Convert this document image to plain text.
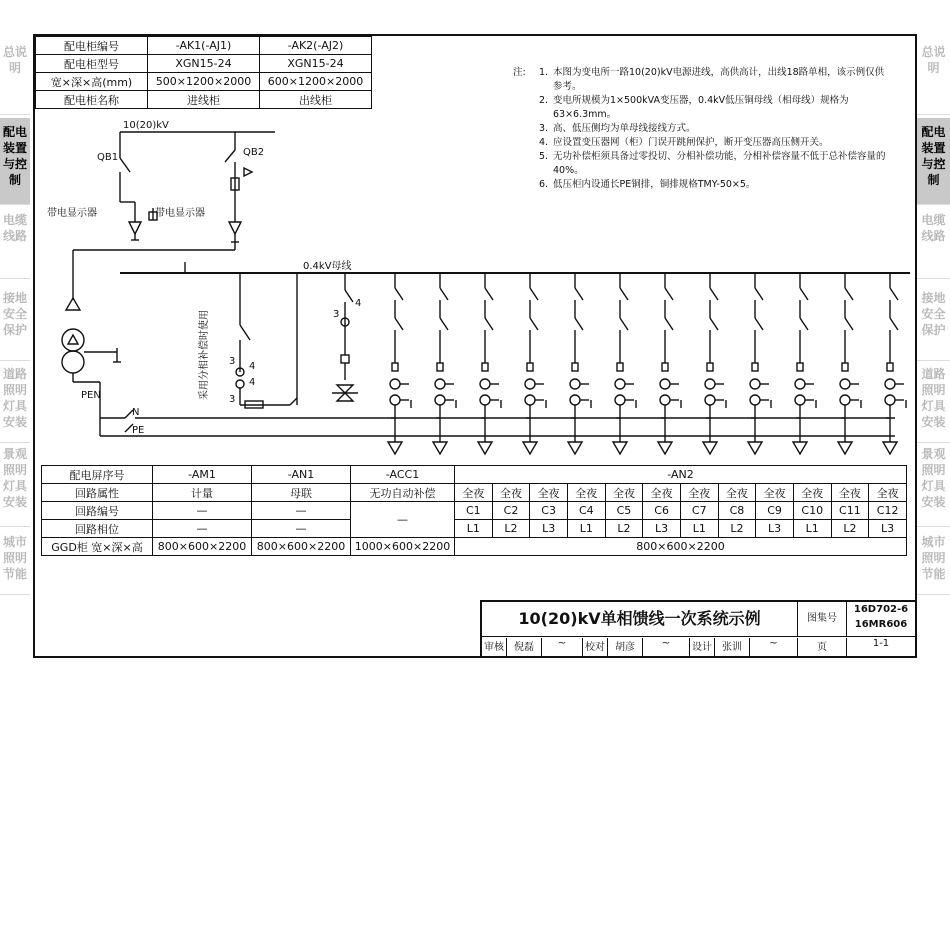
总说明
配电装置与控制
电缆线路
接地安全保护
道路照明灯具安装
景观照明灯具安装
城市照明节能
总说明
配电装置与控制
电缆线路
接地安全保护
道路照明灯具安装
景观照明灯具安装
城市照明节能
配电柜编号	-AK1(-AJ1)	-AK2(-AJ2)
配电柜型号	XGN15-24	XGN15-24
宽×深×高(mm)	500×1200×2000	600×1200×2000
配电柜名称	进线柜	出线柜
注: 1. 本图为变电所一路10(20)kV电源进线，高供高计，出线18路单相，该示例仅供参考。
2. 变电所规模为1×500kVA变压器，0.4kV低压铜母线（相母线）规格为63×6.3mm。
3. 高、低压侧均为单母线接线方式。
4. 应设置变压器网（柜）门误开跳闸保护，断开变压器高压侧开关。
5. 无功补偿柜须具备过零投切、分相补偿功能，分相补偿容量不低于总补偿容量的40%。
6. 低压柜内设通长PE铜排，铜排规格TMY-50×5。
10(20)kV
QB1	QB2
带电显示器	带电显示器
PEN
N
PE
0.4kV母线
采用分相补偿时使用 3 4
3
4
3
4
配电屏序号	-AM1	-AN1	-ACC1	-AN2											
回路属性	计量	母联	无功自动补偿	全夜	全夜	全夜	全夜	全夜	全夜	全夜	全夜	全夜	全夜	全夜	全夜
回路编号	—	—	—	C1	C2	C3	C4	C5	C6	C7	C8	C9	C10	C11	C12
回路相位	—	—		L1	L2	L3	L1	L2	L3	L1	L2	L3	L1	L2	L3
GGD柜 宽×深×高	800×600×2200	800×600×2200	1000×600×2200	800×600×2200											
10(20)kV单相馈线一次系统示例	图集号
16D702-6
16MR606
审核	倪磊	~	校对	胡彦	~	设计	张训	~	页	1-1
